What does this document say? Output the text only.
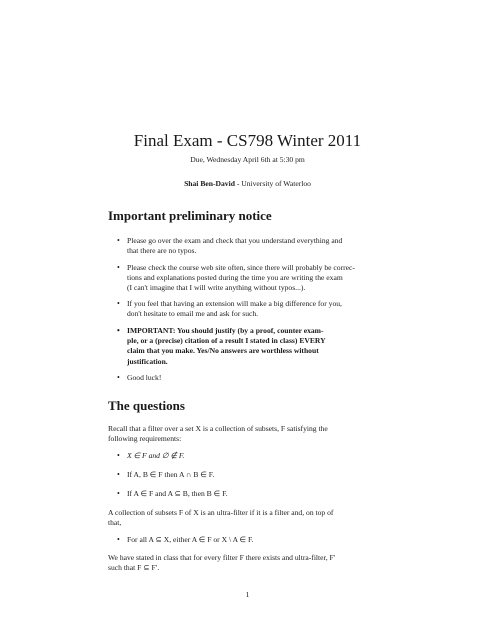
Final Exam - CS798 Winter 2011
Due, Wednesday April 6th at 5:30 pm
Shai Ben-David - University of Waterloo
Important preliminary notice
• Please go over the exam and check that you understand everything and
that there are no typos.
• Please check the course web site often, since there will probably be correc-
tions and explanations posted during the time you are writing the exam
(I can't imagine that I will write anything without typos...).
• If you feel that having an extension will make a big difference for you,
don't hesitate to email me and ask for such.
• IMPORTANT: You should justify (by a proof, counter exam-
ple, or a (precise) citation of a result I stated in class) EVERY
claim that you make. Yes/No answers are worthless without
justification.
• Good luck!
The questions
Recall that a filter over a set X is a collection of subsets, F satisfying the
following requirements:
• X ∈ F and ∅ ∉ F.
• If A, B ∈ F then A ∩ B ∈ F.
• If A ∈ F and A ⊆ B, then B ∈ F.
A collection of subsets F of X is an ultra-filter if it is a filter and, on top of
that,
• For all A ⊆ X, either A ∈ F or X \ A ∈ F.
We have stated in class that for every filter F there exists and ultra-filter, F′
such that F ⊆ F′.
1
